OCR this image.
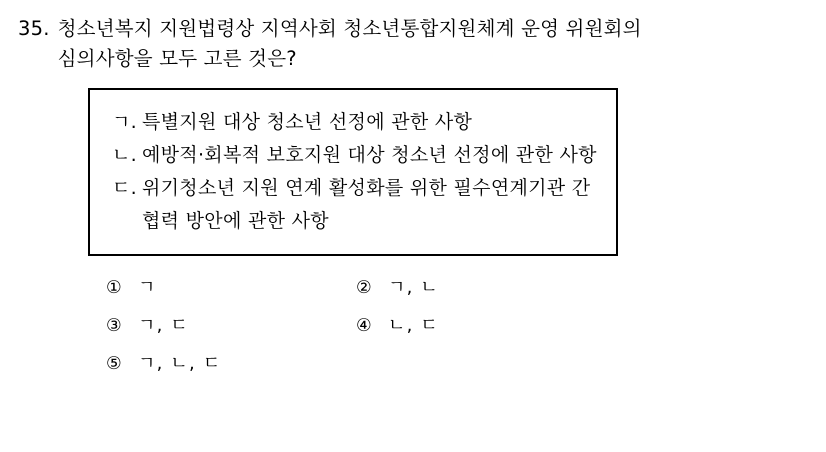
35. 청소년복지 지원법령상 지역사회 청소년통합지원체계 운영 위원회의 심의사항을 모두 고른 것은?
ㄱ. 특별지원 대상 청소년 선정에 관한 사항
ㄴ. 예방적·회복적 보호지원 대상 청소년 선정에 관한 사항
ㄷ. 위기청소년 지원 연계 활성화를 위한 필수연계기관 간 협력 방안에 관한 사항
① ㄱ	② ㄱ, ㄴ
③ ㄱ, ㄷ	④ ㄴ, ㄷ
⑤ ㄱ, ㄴ, ㄷ
